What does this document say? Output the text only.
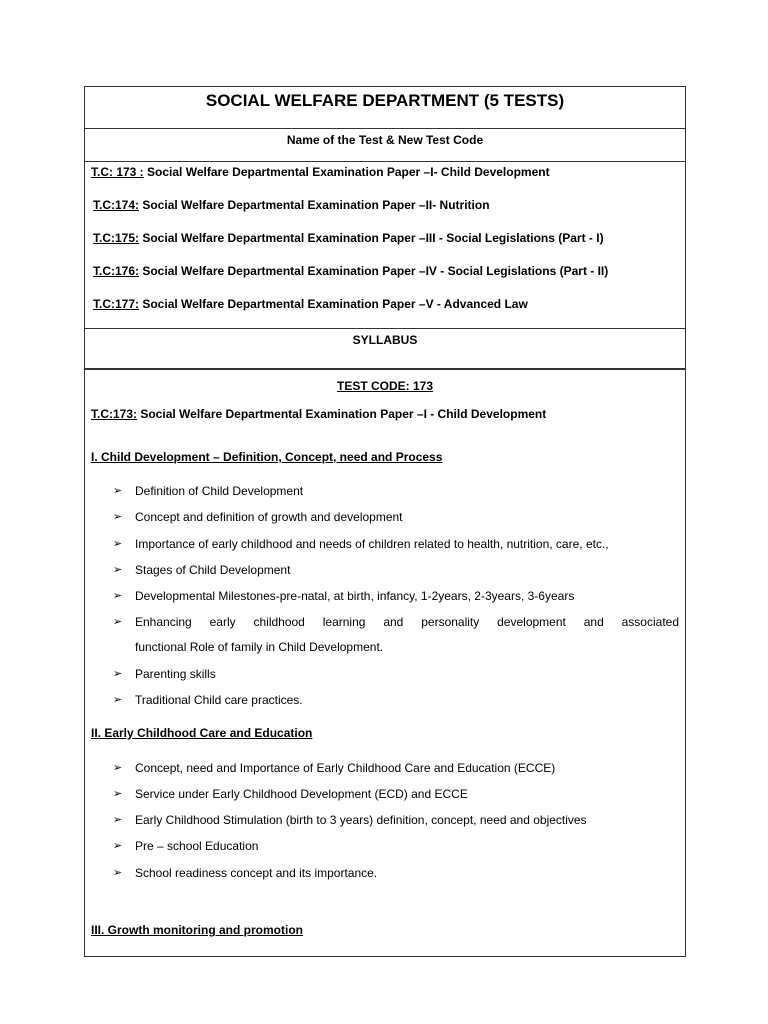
SOCIAL WELFARE DEPARTMENT (5 TESTS)
Name of the Test & New Test Code
T.C: 173 : Social Welfare Departmental Examination Paper –I- Child Development
T.C:174: Social Welfare Departmental Examination Paper –II- Nutrition
T.C:175: Social Welfare Departmental Examination Paper –III - Social Legislations (Part - I)
T.C:176: Social Welfare Departmental Examination Paper –IV - Social Legislations (Part - II)
T.C:177: Social Welfare Departmental Examination Paper –V - Advanced Law
SYLLABUS
TEST CODE: 173
T.C:173: Social Welfare Departmental Examination Paper –I - Child Development
I. Child Development – Definition, Concept, need and Process
➢ Definition of Child Development
➢ Concept and definition of growth and development
➢ Importance of early childhood and needs of children related to health, nutrition, care, etc.,
➢ Stages of Child Development
➢ Developmental Milestones-pre-natal, at birth, infancy, 1-2years, 2-3years, 3-6years
➢ Enhancing early childhood learning and personality development and associated
functional Role of family in Child Development.
➢ Parenting skills
➢ Traditional Child care practices.
II. Early Childhood Care and Education
➢ Concept, need and Importance of Early Childhood Care and Education (ECCE)
➢ Service under Early Childhood Development (ECD) and ECCE
➢ Early Childhood Stimulation (birth to 3 years) definition, concept, need and objectives
➢ Pre – school Education
➢ School readiness concept and its importance.
III. Growth monitoring and promotion
